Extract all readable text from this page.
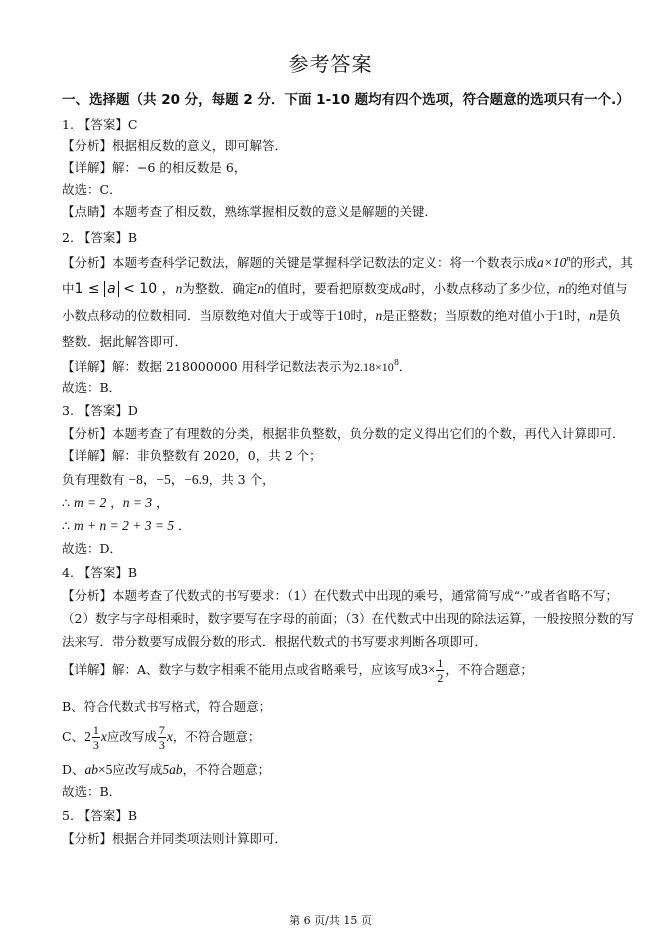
参考答案
一、选择题（共 20 分，每题 2 分．下面 1-10 题均有四个选项，符合题意的选项只有一个.）
1. 【答案】C
【分析】根据相反数的意义，即可解答．
【详解】解：−6 的相反数是 6，
故选：C．
【点睛】本题考查了相反数，熟练掌握相反数的意义是解题的关键．
2. 【答案】B
【分析】本题考查科学记数法，解题的关键是掌握科学记数法的定义：将一个数表示成$a\times 10^n$的形式，其
中1 ≤ a < 10 ，n为整数．确定n的值时，要看把原数变成a时，小数点移动了多少位，n的绝对值与
小数点移动的位数相同．当原数绝对值大于或等于10时，n是正整数；当原数的绝对值小于1时，n是负
整数．据此解答即可．
【详解】解：数据 218000000 用科学记数法表示为$2.18\times 10^8$．
故选：B．
3. 【答案】D
【分析】本题考查了有理数的分类，根据非负整数，负分数的定义得出它们的个数，再代入计算即可．
【详解】解：非负整数有 2020，0，共 2 个；
负有理数有 −8，−5，−6.9，共 3 个，
∴ m = 2 ，n = 3 ，
∴ m + n = 2 + 3 = 5 ．
故选：D．
4. 【答案】B
【分析】本题考查了代数式的书写要求：（1）在代数式中出现的乘号，通常简写成“·”或者省略不写；
（2）数字与字母相乘时，数字要写在字母的前面；（3）在代数式中出现的除法运算，一般按照分数的写
法来写．带分数要写成假分数的形式．根据代数式的书写要求判断各项即可．
【详解】解：A、数字与数字相乘不能用点或省略乘号，应该写成$3\times \frac{1}{2}$ ，不符合题意；
B、符合代数式书写格式，符合题意；
C、$2 \frac{1}{3}$ x应改写成 $\frac{7}{3}$ x，不符合题意；
D、ab×5应改写成5ab，不符合题意；
故选：B．
5. 【答案】B
【分析】根据合并同类项法则计算即可．
第 6 页/共 15 页
